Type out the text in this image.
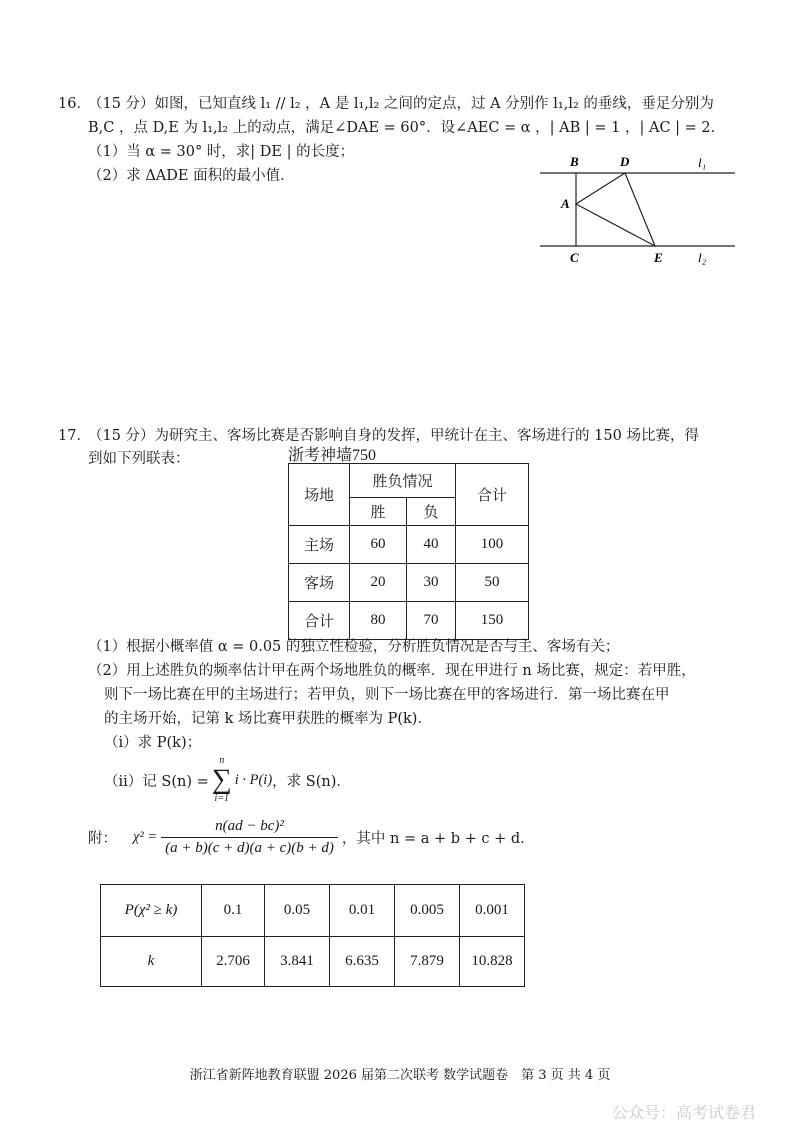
16．
（15 分）如图，已知直线 l₁ // l₂ ，A 是 l₁,l₂ 之间的定点，过 A 分别作 l₁,l₂ 的垂线，垂足分别为
B,C ，点 D,E 为 l₁,l₂ 上的动点，满足∠DAE = 60°．设∠AEC = α ，| AB | = 1 ，| AC | = 2．
（1）当 α = 30° 时，求| DE | 的长度；
（2）求 ΔADE 面积的最小值．
B	D	l₁
A
C	E	l₂
17．
（15 分）为研究主、客场比赛是否影响自身的发挥，甲统计在主、客场进行的 150 场比赛，得
到如下列联表：	浙考神墙750
场地	胜负情况		合计
	胜	负	
主场	60	40	100
客场	20	30	50
合计	80	70	150
（1）根据小概率值 α = 0.05 的独立性检验，分析胜负情况是否与主、客场有关；
（2）用上述胜负的频率估计甲在两个场地胜负的概率．现在甲进行 n 场比赛，规定：若甲胜，
则下一场比赛在甲的主场进行；若甲负，则下一场比赛在甲的客场进行．第一场比赛在甲
的主场开始，记第 k 场比赛甲获胜的概率为 P(k)．
（i）求 P(k)；
（ii）记 S(n) =
n
∑
i=1
i · P(i) ，求 S(n)．
附： $\chi^2 = \frac{\text{n(ad − bc)²}}{(a + b)(c + d)(a + c)(b + d)}$ ，其中 n = a + b + c + d．
P(χ² ≥ k)	0.1	0.05	0.01	0.005	0.001
k	2.706	3.841	6.635	7.879	10.828
浙江省新阵地教育联盟 2026 届第二次联考 数学试题卷　第 3 页 共 4 页
公众号：高考试卷君
